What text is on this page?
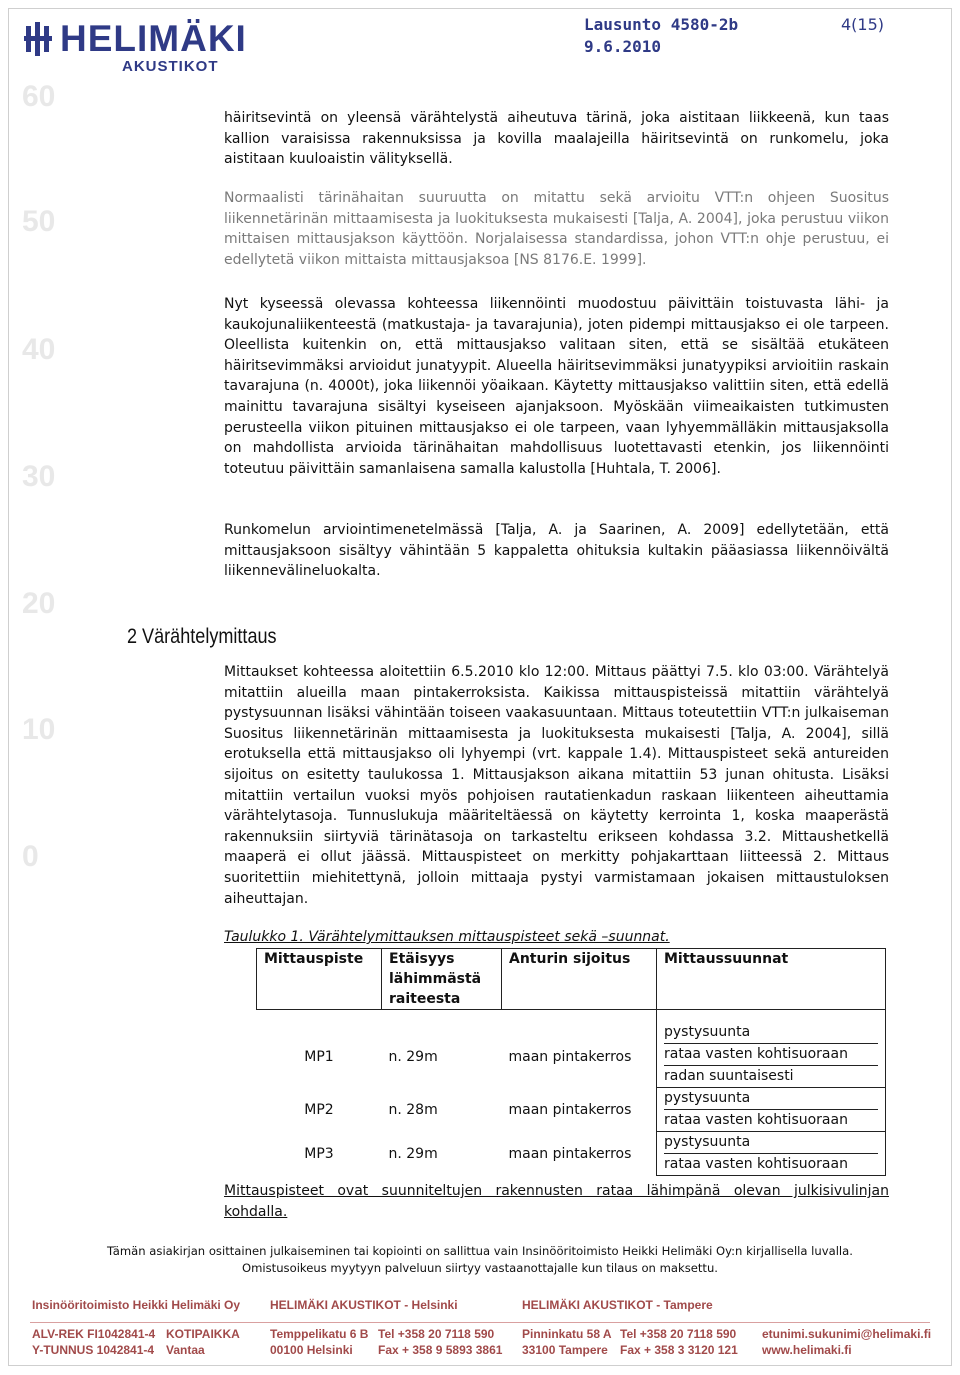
60
50
40
30
20
10
0
HELIMÄKI
AKUSTIKOT
Lausunto 4580-2b
9.6.2010
4(15)

häiritsevintä on yleensä värähtelystä aiheutuva tärinä, joka aistitaan liikkeenä, kun taas kallion varaisissa rakennuksissa ja kovilla maalajeilla häiritsevintä on runkomelu, joka aistitaan kuuloaistin välityksellä.

Normaalisti tärinähaitan suuruutta on mitattu sekä arvioitu VTT:n ohjeen Suositus liikennetärinän mittaamisesta ja luokituksesta mukaisesti [Talja, A. 2004], joka perustuu viikon mittaisen mittausjakson käyttöön. Norjalaisessa standardissa, johon VTT:n ohje perustuu, ei edellytetä viikon mittaista mittausjaksoa [NS 8176.E. 1999].

Nyt kyseessä olevassa kohteessa liikennöinti muodostuu päivittäin toistuvasta lähi- ja kaukojunaliikenteestä (matkustaja- ja tavarajunia), joten pidempi mittausjakso ei ole tarpeen. Oleellista kuitenkin on, että mittausjakso valitaan siten, että se sisältää etukäteen häiritsevimmäksi arvioidut junatyypit. Alueella häiritsevimmäksi junatyypiksi arvioitiin raskain tavarajuna (n. 4000t), joka liikennöi yöaikaan. Käytetty mittausjakso valittiin siten, että edellä mainittu tavarajuna sisältyi kyseiseen ajanjaksoon. Myöskään viimeaikaisten tutkimusten perusteella viikon pituinen mittausjakso ei ole tarpeen, vaan lyhyemmälläkin mittausjaksolla on mahdollista arvioida tärinähaitan mahdollisuus luotettavasti etenkin, jos liikennöinti toteutuu päivittäin samanlaisena samalla kalustolla [Huhtala, T. 2006].

Runkomelun arviointimenetelmässä [Talja, A. ja Saarinen, A. 2009] edellytetään, että mittausjaksoon sisältyy vähintään 5 kappaletta ohituksia kultakin pääasiassa liikennöivältä liikennevälineluokalta.

2 Värähtelymittaus

Mittaukset kohteessa aloitettiin 6.5.2010 klo 12:00. Mittaus päättyi 7.5. klo 03:00. Värähtelyä mitattiin alueilla maan pintakerroksista. Kaikissa mittauspisteissä mitattiin värähtelyä pystysuunnan lisäksi vähintään toiseen vaakasuuntaan. Mittaus toteutettiin VTT:n julkaiseman Suositus liikennetärinän mittaamisesta ja luokituksesta mukaisesti [Talja, A. 2004], sillä erotuksella että mittausjakso oli lyhyempi (vrt. kappale 1.4). Mittauspisteet sekä antureiden sijoitus on esitetty taulukossa 1. Mittausjakson aikana mitattiin 53 junan ohitusta. Lisäksi mitattiin vertailun vuoksi myös pohjoisen rautatienkadun raskaan liikenteen aiheuttamia värähtelytasoja. Tunnuslukuja määriteltäessä on käytetty kerrointa 1, koska maaperästä rakennuksiin siirtyviä tärinätasoja on tarkasteltu erikseen kohdassa 3.2. Mittaushetkellä maaperä ei ollut jäässä. Mittauspisteet on merkitty pohjakarttaan liitteessä 2. Mittaus suoritettiin miehitettynä, jolloin mittaaja pystyi varmistamaan jokaisen mittaustuloksen aiheuttajan.

Taulukko 1. Värähtelymittauksen mittauspisteet sekä –suunnat.
Mittauspiste	Etäisyys lähimmästä raiteesta	Anturin sijoitus	Mittaussuunnat
MP1	n. 29m	maan pintakerros	pystysuunta
rataa vasten kohtisuoraan
radan suuntaisesti

MP2	n. 28m	maan pintakerros	pystysuunta
rataa vasten kohtisuoraan

MP3	n. 29m	maan pintakerros	pystysuunta
rataa vasten kohtisuoraan
Mittauspisteet ovat suunniteltujen rakennusten rataa lähimpänä olevan julkisivulinjan kohdalla.
Tämän asiakirjan osittainen julkaiseminen tai kopiointi on sallittua vain Insinööritoimisto Heikki Helimäki Oy:n kirjallisella luvalla.
Omistusoikeus myytyyn palveluun siirtyy vastaanottajalle kun tilaus on maksettu.
Insinööritoimisto Heikki Helimäki Oy HELIMÄKI AKUSTIKOT - Helsinki	HELIMÄKI AKUSTIKOT - Tampere
ALV-REK FI1042841-4
Y-TUNNUS 1042841-4
KOTIPAIKKA
Vantaa
Temppelikatu 6 B
00100 Helsinki
Tel +358 20 7118 590
Fax + 358 9 5893 3861
Pinninkatu 58 A
33100 Tampere
Tel +358 20 7118 590
Fax + 358 3 3120 121
etunimi.sukunimi@helimaki.fi
www.helimaki.fi
